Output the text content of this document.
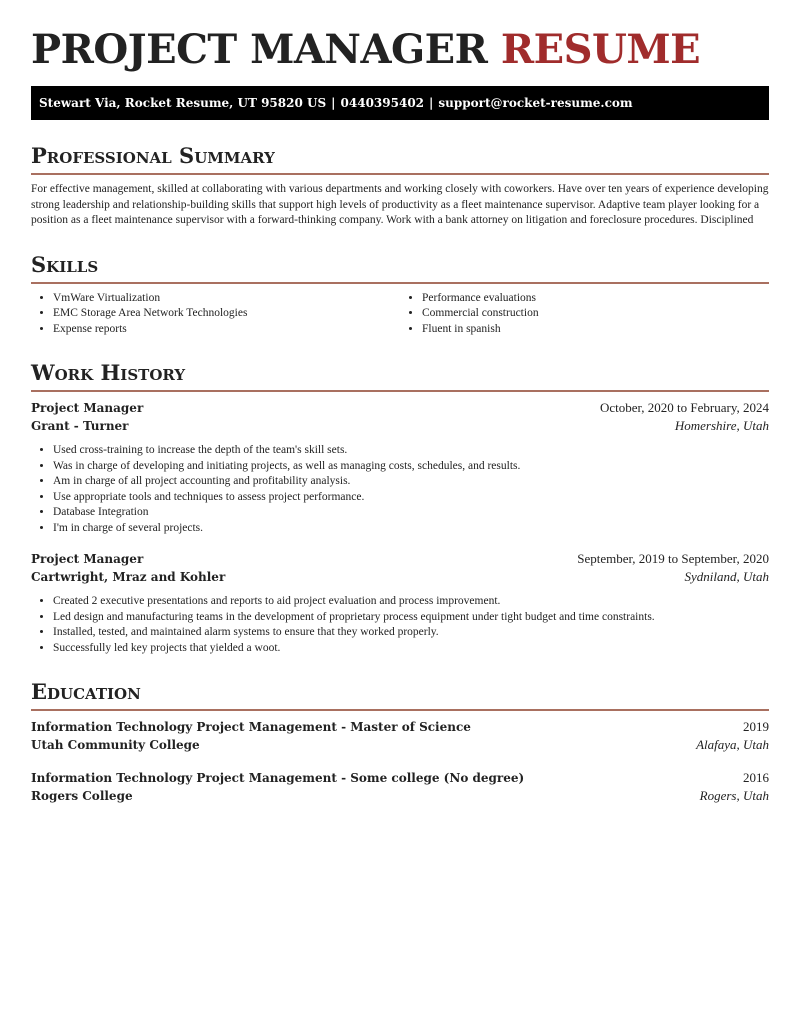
PROJECT MANAGER RESUME
Stewart Via, Rocket Resume, UT 95820 US | 0440395402 | support@rocket-resume.com
Professional Summary

For effective management, skilled at collaborating with various departments and working closely with coworkers. Have over ten years of experience developing strong leadership and relationship-building skills that support high levels of productivity as a fleet maintenance supervisor. Adaptive team player looking for a position as a fleet maintenance supervisor with a forward-thinking company. Work with a bank attorney on litigation and foreclosure procedures. Disciplined

Skills
• VmWare Virtualization
• EMC Storage Area Network Technologies
• Expense reports
• Performance evaluations
• Commercial construction
• Fluent in spanish
Work History
Project Manager	October, 2020 to February, 2024
Grant - Turner	Homershire, Utah
• Used cross-training to increase the depth of the team's skill sets.
• Was in charge of developing and initiating projects, as well as managing costs, schedules, and results.
• Am in charge of all project accounting and profitability analysis.
• Use appropriate tools and techniques to assess project performance.
• Database Integration
• I'm in charge of several projects.
Project Manager	September, 2019 to September, 2020
Cartwright, Mraz and Kohler	Sydniland, Utah
• Created 2 executive presentations and reports to aid project evaluation and process improvement.
• Led design and manufacturing teams in the development of proprietary process equipment under tight budget and time constraints.
• Installed, tested, and maintained alarm systems to ensure that they worked properly.
• Successfully led key projects that yielded a woot.
Education
Information Technology Project Management - Master of Science	2019
Utah Community College	Alafaya, Utah
Information Technology Project Management - Some college (No degree)	2016
Rogers College	Rogers, Utah
